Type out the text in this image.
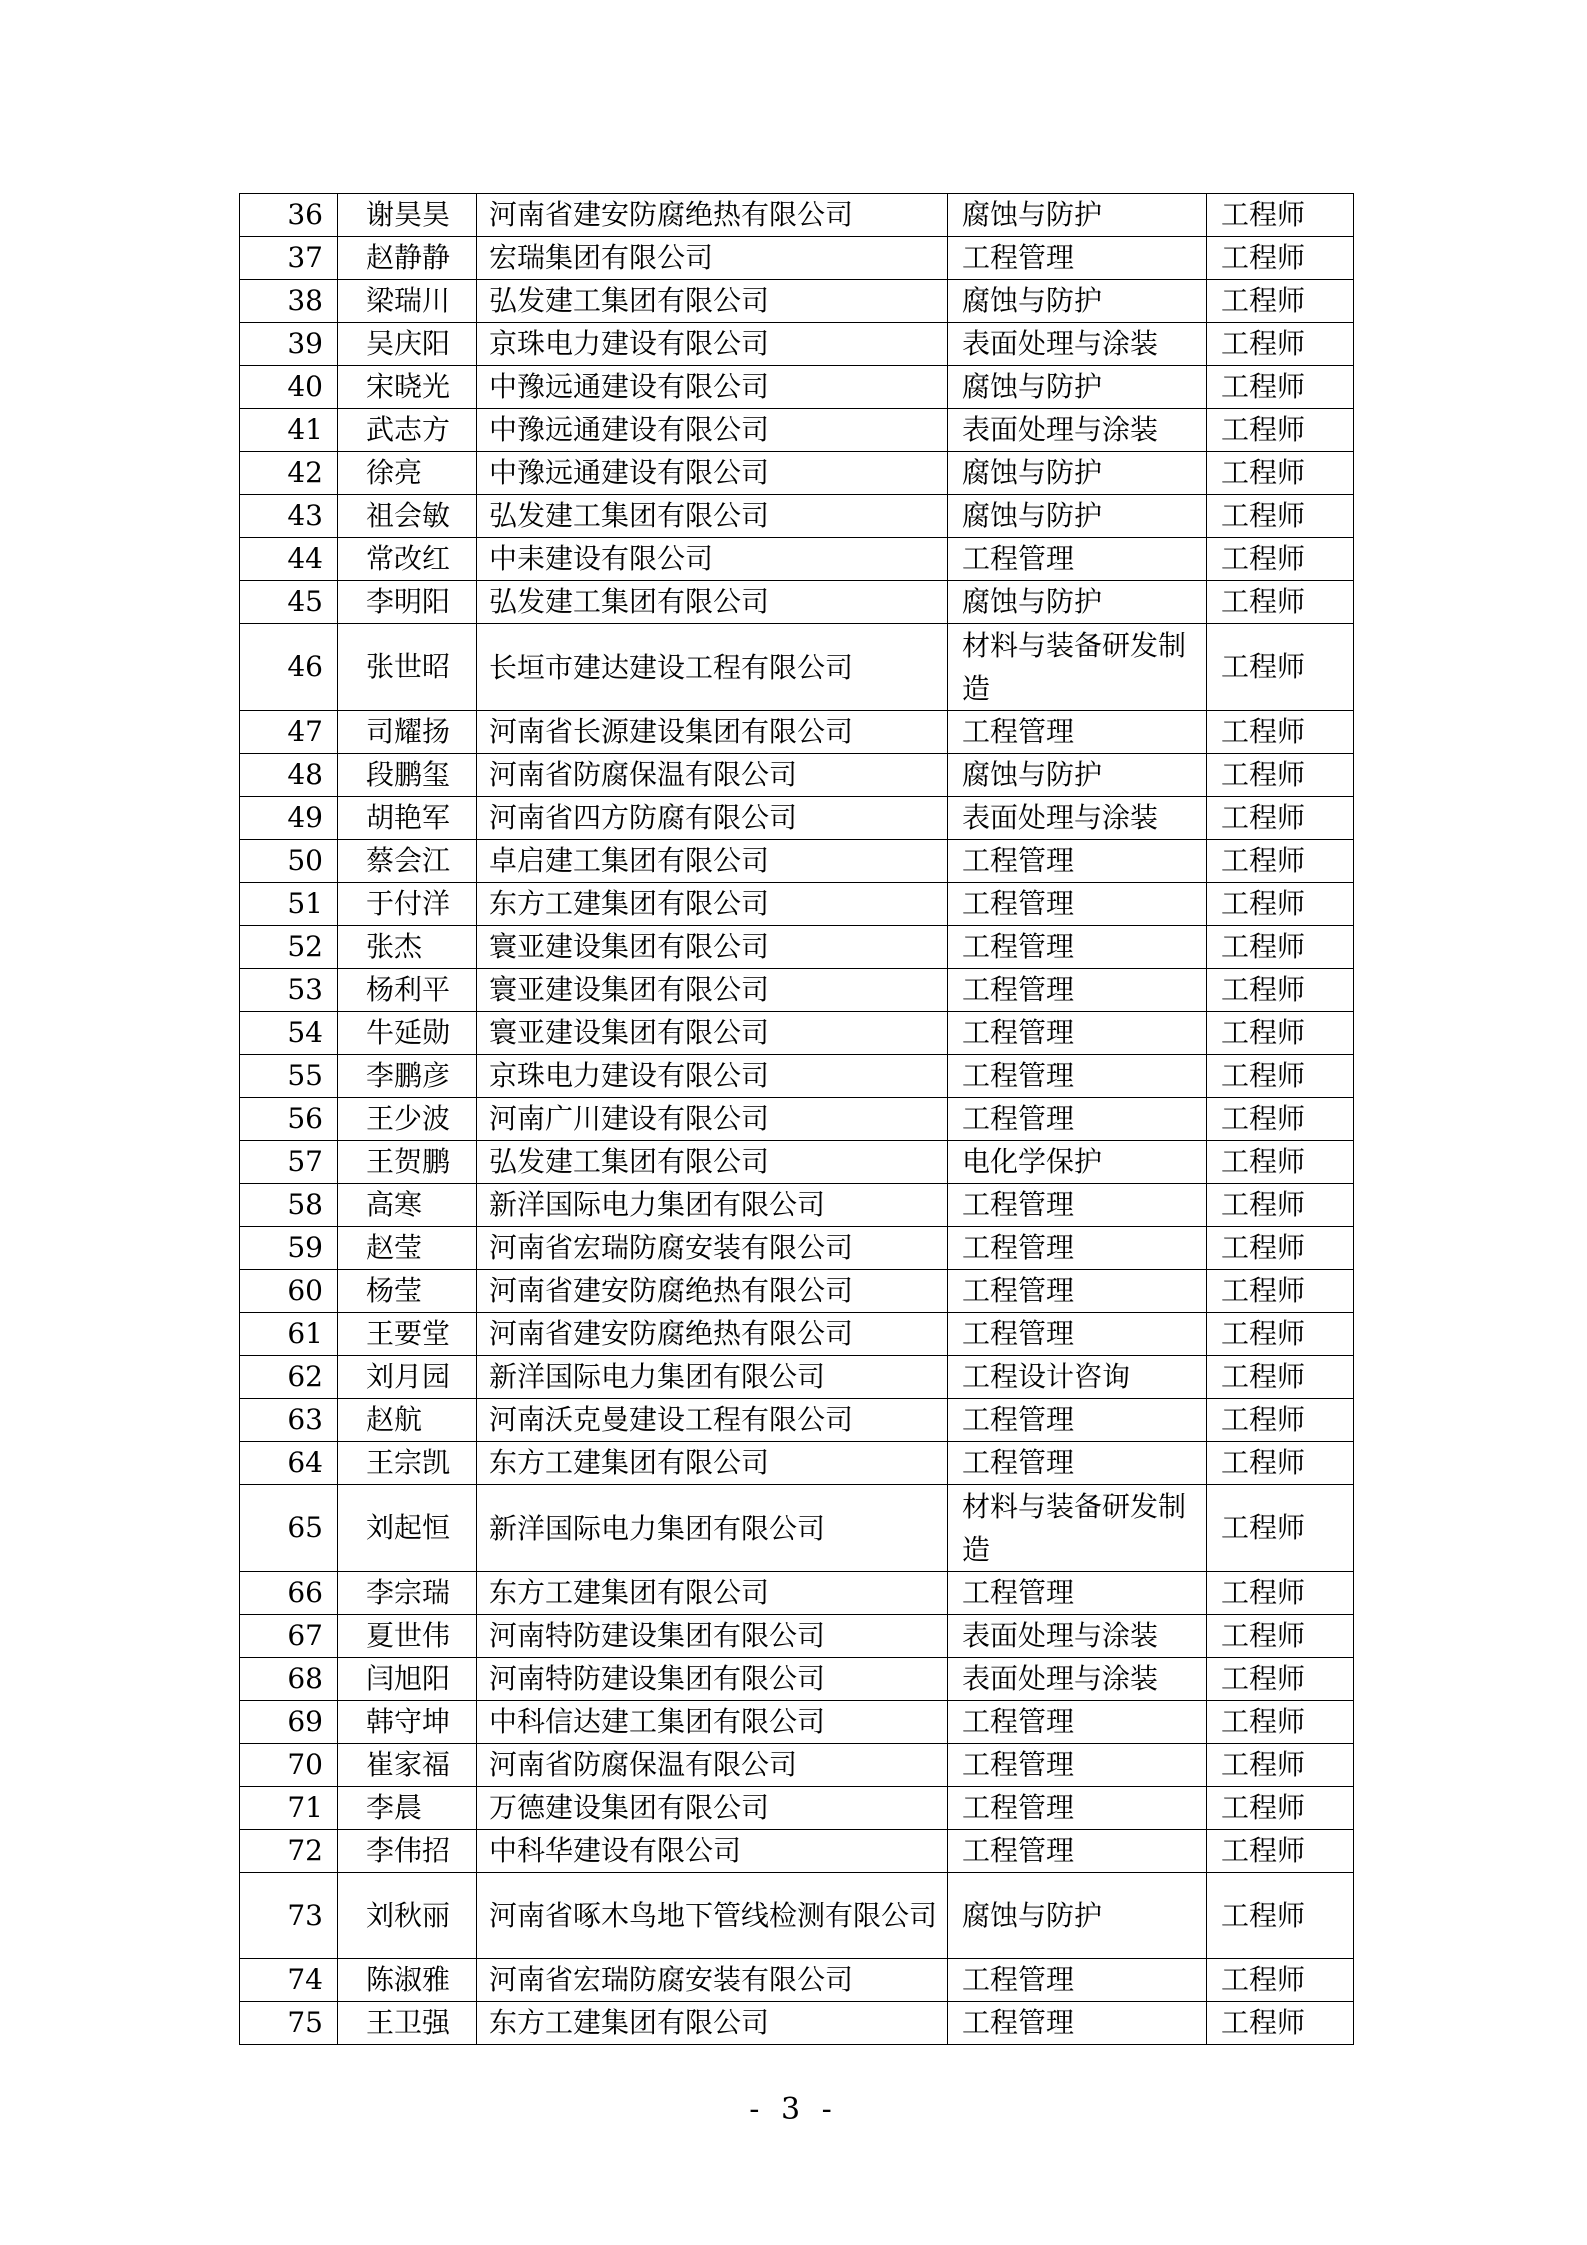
36	谢昊昊	河南省建安防腐绝热有限公司	腐蚀与防护	工程师
37	赵静静	宏瑞集团有限公司	工程管理	工程师
38	梁瑞川	弘发建工集团有限公司	腐蚀与防护	工程师
39	吴庆阳	京珠电力建设有限公司	表面处理与涂装	工程师
40	宋晓光	中豫远通建设有限公司	腐蚀与防护	工程师
41	武志方	中豫远通建设有限公司	表面处理与涂装	工程师
42	徐亮	中豫远通建设有限公司	腐蚀与防护	工程师
43	祖会敏	弘发建工集团有限公司	腐蚀与防护	工程师
44	常改红	中耒建设有限公司	工程管理	工程师
45	李明阳	弘发建工集团有限公司	腐蚀与防护	工程师
46	张世昭	长垣市建达建设工程有限公司	材料与装备研发制造	工程师
47	司耀扬	河南省长源建设集团有限公司	工程管理	工程师
48	段鹏玺	河南省防腐保温有限公司	腐蚀与防护	工程师
49	胡艳军	河南省四方防腐有限公司	表面处理与涂装	工程师
50	蔡会江	卓启建工集团有限公司	工程管理	工程师
51	于付洋	东方工建集团有限公司	工程管理	工程师
52	张杰	寰亚建设集团有限公司	工程管理	工程师
53	杨利平	寰亚建设集团有限公司	工程管理	工程师
54	牛延勋	寰亚建设集团有限公司	工程管理	工程师
55	李鹏彦	京珠电力建设有限公司	工程管理	工程师
56	王少波	河南广川建设有限公司	工程管理	工程师
57	王贺鹏	弘发建工集团有限公司	电化学保护	工程师
58	高寒	新洋国际电力集团有限公司	工程管理	工程师
59	赵莹	河南省宏瑞防腐安装有限公司	工程管理	工程师
60	杨莹	河南省建安防腐绝热有限公司	工程管理	工程师
61	王要堂	河南省建安防腐绝热有限公司	工程管理	工程师
62	刘月园	新洋国际电力集团有限公司	工程设计咨询	工程师
63	赵航	河南沃克曼建设工程有限公司	工程管理	工程师
64	王宗凯	东方工建集团有限公司	工程管理	工程师
65	刘起恒	新洋国际电力集团有限公司	材料与装备研发制造	工程师
66	李宗瑞	东方工建集团有限公司	工程管理	工程师
67	夏世伟	河南特防建设集团有限公司	表面处理与涂装	工程师
68	闫旭阳	河南特防建设集团有限公司	表面处理与涂装	工程师
69	韩守坤	中科信达建工集团有限公司	工程管理	工程师
70	崔家福	河南省防腐保温有限公司	工程管理	工程师
71	李晨	万德建设集团有限公司	工程管理	工程师
72	李伟招	中科华建设有限公司	工程管理	工程师
73	刘秋丽	河南省啄木鸟地下管线检测有限公司	腐蚀与防护	工程师
74	陈淑雅	河南省宏瑞防腐安装有限公司	工程管理	工程师
75	王卫强	东方工建集团有限公司	工程管理	工程师
- 3 -
